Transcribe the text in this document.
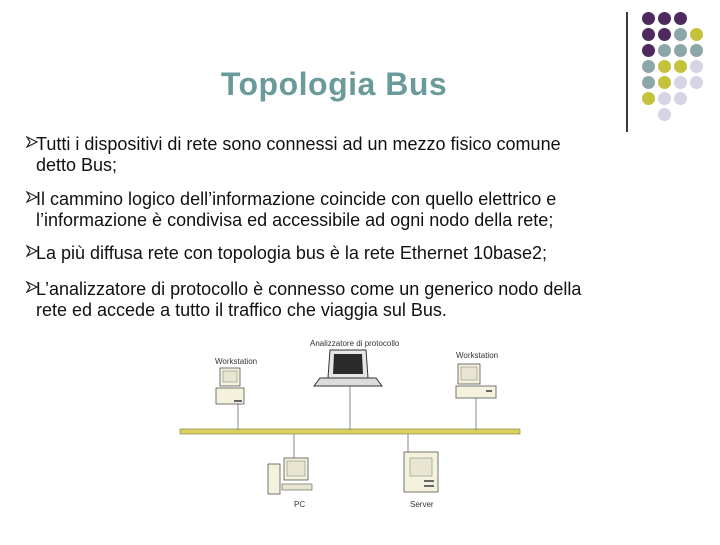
Topologia Bus
Tutti i dispositivi di rete sono connessi ad un mezzo fisico comune
detto Bus;
Il cammino logico dell’informazione coincide con quello elettrico e
l’informazione è condivisa ed accessibile ad ogni nodo della rete;
La più diffusa rete con topologia bus è la rete Ethernet 10base2;
L’analizzatore di protocollo è connesso come un generico nodo della
rete ed accede a tutto il traffico che viaggia sul Bus.
Workstation
Analizzatore di protocollo
Workstation
PC	Server
